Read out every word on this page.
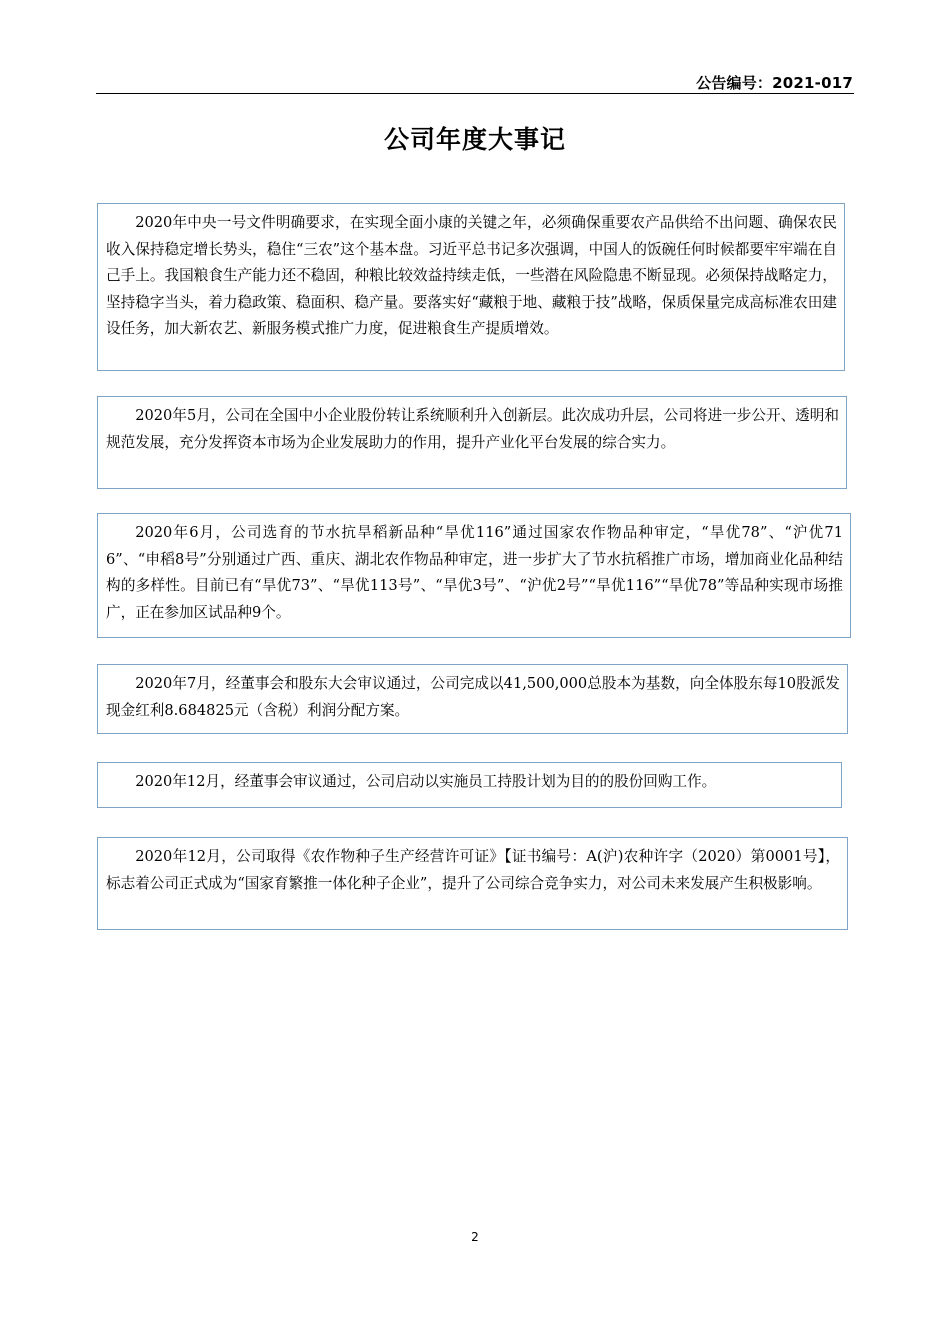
公告编号：2021-017
公司年度大事记

2020年中央一号文件明确要求，在实现全面小康的关键之年，必须确保重要农产品供给不出问题、确保农民收入保持稳定增长势头，稳住“三农”这个基本盘。习近平总书记多次强调，中国人的饭碗任何时候都要牢牢端在自己手上。我国粮食生产能力还不稳固，种粮比较效益持续走低，一些潜在风险隐患不断显现。必须保持战略定力，坚持稳字当头，着力稳政策、稳面积、稳产量。要落实好“藏粮于地、藏粮于技”战略，保质保量完成高标准农田建设任务，加大新农艺、新服务模式推广力度，促进粮食生产提质增效。

2020年5月，公司在全国中小企业股份转让系统顺利升入创新层。此次成功升层，公司将进一步公开、透明和规范发展，充分发挥资本市场为企业发展助力的作用，提升产业化平台发展的综合实力。

2020年6月，公司选育的节水抗旱稻新品种“旱优116”通过国家农作物品种审定，“旱优78”、“沪优716”、“申稻8号”分别通过广西、重庆、湖北农作物品种审定，进一步扩大了节水抗稻推广市场，增加商业化品种结构的多样性。目前已有“旱优73”、“旱优113号”、“旱优3号”、“沪优2号”“旱优116”“旱优78”等品种实现市场推广，正在参加区试品种9个。

2020年7月，经董事会和股东大会审议通过，公司完成以41,500,000总股本为基数，向全体股东每10股派发现金红利8.684825元（含税）利润分配方案。

2020年12月，经董事会审议通过，公司启动以实施员工持股计划为目的的股份回购工作。

2020年12月，公司取得《农作物种子生产经营许可证》【证书编号：A(沪)农种许字（2020）第0001号】，标志着公司正式成为“国家育繁推一体化种子企业”，提升了公司综合竞争实力，对公司未来发展产生积极影响。

2
